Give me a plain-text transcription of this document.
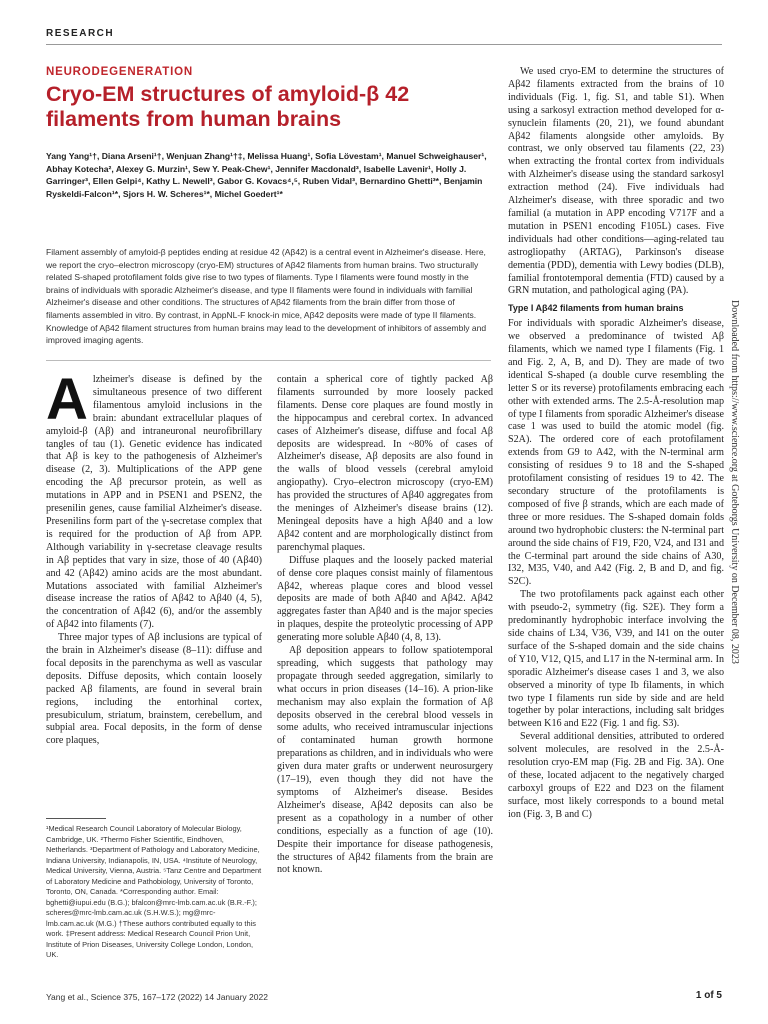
RESEARCH
NEURODEGENERATION
Cryo-EM structures of amyloid-β 42 filaments from human brains
Yang Yang¹†, Diana Arseni¹†, Wenjuan Zhang¹†‡, Melissa Huang¹, Sofia Lövestam¹, Manuel Schweighauser¹, Abhay Kotecha², Alexey G. Murzin¹, Sew Y. Peak-Chew¹, Jennifer Macdonald³, Isabelle Lavenir¹, Holly J. Garringer³, Ellen Gelpi⁴, Kathy L. Newell³, Gabor G. Kovacs⁴,⁵, Ruben Vidal³, Bernardino Ghetti³*, Benjamin Ryskeldi-Falcon¹*, Sjors H. W. Scheres¹*, Michel Goedert¹*
Filament assembly of amyloid-β peptides ending at residue 42 (Aβ42) is a central event in Alzheimer's disease. Here, we report the cryo–electron microscopy (cryo-EM) structures of Aβ42 filaments from human brains. Two structurally related S-shaped protofilament folds give rise to two types of filaments. Type I filaments were found mostly in the brains of individuals with sporadic Alzheimer's disease, and type II filaments were found in individuals with familial Alzheimer's disease and other conditions. The structures of Aβ42 filaments from the brain differ from those of filaments assembled in vitro. By contrast, in AppNL-F knock-in mice, Aβ42 deposits were made of type II filaments. Knowledge of Aβ42 filament structures from human brains may lead to the development of inhibitors of assembly and improved imaging agents.

Alzheimer's disease is defined by the simultaneous presence of two different filamentous amyloid inclusions in the brain: abundant extracellular plaques of amyloid-β (Aβ) and intraneuronal neurofibrillary tangles of tau (1). Genetic evidence has indicated that Aβ is key to the pathogenesis of Alzheimer's disease (2, 3). Multiplications of the APP gene encoding the Aβ precursor protein, as well as mutations in APP and in PSEN1 and PSEN2, the presenilin genes, cause familial Alzheimer's disease. Presenilins form part of the γ-secretase complex that is required for the production of Aβ from APP. Although variability in γ-secretase cleavage results in Aβ peptides that vary in size, those of 40 (Aβ40) and 42 (Aβ42) amino acids are the most abundant. Mutations associated with familial Alzheimer's disease increase the ratios of Aβ42 to Aβ40 (4, 5), the concentration of Aβ42 (6), and/or the assembly of Aβ42 into filaments (7).

Three major types of Aβ inclusions are typical of the brain in Alzheimer's disease (8–11): diffuse and focal deposits in the parenchyma as well as vascular deposits. Diffuse deposits, which contain loosely packed Aβ filaments, are found in several brain regions, including the entorhinal cortex, presubiculum, striatum, brainstem, cerebellum, and subpial area. Focal deposits, in the form of dense core plaques,

¹Medical Research Council Laboratory of Molecular Biology, Cambridge, UK. ²Thermo Fisher Scientific, Eindhoven, Netherlands. ³Department of Pathology and Laboratory Medicine, Indiana University, Indianapolis, IN, USA. ⁴Institute of Neurology, Medical University, Vienna, Austria. ⁵Tanz Centre and Department of Laboratory Medicine and Pathobiology, University of Toronto, Toronto, ON, Canada. *Corresponding author. Email: bghetti@iupui.edu (B.G.); bfalcon@mrc-lmb.cam.ac.uk (B.R.-F.); scheres@mrc-lmb.cam.ac.uk (S.H.W.S.); mg@mrc-lmb.cam.ac.uk (M.G.) †These authors contributed equally to this work. ‡Present address: Medical Research Council Prion Unit, Institute of Prion Diseases, University College London, London, UK.

contain a spherical core of tightly packed Aβ filaments surrounded by more loosely packed filaments. Dense core plaques are found mostly in the hippocampus and cerebral cortex. In advanced cases of Alzheimer's disease, diffuse and focal Aβ deposits are widespread. In ~80% of cases of Alzheimer's disease, Aβ deposits are also found in the walls of blood vessels (cerebral amyloid angiopathy). Cryo–electron microscopy (cryo-EM) has provided the structures of Aβ40 aggregates from the meninges of Alzheimer's disease brains (12). Meningeal deposits have a high Aβ40 and a low Aβ42 content and are morphologically distinct from parenchymal plaques.

Diffuse plaques and the loosely packed material of dense core plaques consist mainly of filamentous Aβ42, whereas plaque cores and blood vessel deposits are made of both Aβ40 and Aβ42. Aβ42 aggregates faster than Aβ40 and is the major species in plaques, despite the proteolytic processing of APP generating more soluble Aβ40 (4, 8, 13).

Aβ deposition appears to follow spatiotemporal spreading, which suggests that pathology may propagate through seeded aggregation, similarly to what occurs in prion diseases (14–16). A prion-like mechanism may also explain the formation of Aβ deposits observed in the cerebral blood vessels in some adults, who received intramuscular injections of contaminated human growth hormone preparations as children, and in individuals who were given dura mater grafts or underwent neurosurgery (17–19), even though they did not have the symptoms of Alzheimer's disease. Besides Alzheimer's disease, Aβ42 deposits can also be present as a copathology in a number of other conditions, especially as a function of age (10). Despite their importance for disease pathogenesis, the structures of Aβ42 filaments from the brain are not known.

We used cryo-EM to determine the structures of Aβ42 filaments extracted from the brains of 10 individuals (Fig. 1, fig. S1, and table S1). When using a sarkosyl extraction method developed for α-synuclein filaments (20, 21), we found abundant Aβ42 filaments alongside other amyloids. By contrast, we only observed tau filaments (22, 23) when extracting the frontal cortex from individuals with Alzheimer's disease using the standard sarkosyl extraction method (24). Five individuals had Alzheimer's disease, with three sporadic and two familial (a mutation in APP encoding V717F and a mutation in PSEN1 encoding F105L) cases. Five individuals had other conditions—aging-related tau astrogliopathy (ARTAG), Parkinson's disease dementia (PDD), dementia with Lewy bodies (DLB), familial frontotemporal dementia (FTD) caused by a GRN mutation, and pathological aging (PA).

Type I Aβ42 filaments from human brains

For individuals with sporadic Alzheimer's disease, we observed a predominance of twisted Aβ filaments, which we named type I filaments (Fig. 1 and Fig. 2, A, B, and D). They are made of two identical S-shaped (a double curve resembling the letter S or its reverse) protofilaments embracing each other with extended arms. The 2.5-Å-resolution map of type I filaments from sporadic Alzheimer's disease case 1 was used to build the atomic model (fig. S2A). The ordered core of each protofilament extends from G9 to A42, with the N-terminal arm consisting of residues 9 to 18 and the S-shaped protofilament consisting of residues 19 to 42. The secondary structure of the protofilaments is composed of five β strands, which are each made of three or more residues. The S-shaped domain folds around two hydrophobic clusters: the N-terminal part around the side chains of F19, F20, V24, and I31 and the C-terminal part around the side chains of A30, I32, M35, V40, and A42 (Fig. 2, B and D, and fig. S2C).

The two protofilaments pack against each other with pseudo-2₁ symmetry (fig. S2E). They form a predominantly hydrophobic interface involving the side chains of L34, V36, V39, and I41 on the outer surface of the S-shaped domain and the side chains of Y10, V12, Q15, and L17 in the N-terminal arm. In sporadic Alzheimer's disease cases 1 and 3, we also observed a minority of type Ib filaments, in which two type I filaments run side by side and are held together by polar interactions, including salt bridges between K16 and E22 (Fig. 1 and fig. S3).

Several additional densities, attributed to ordered solvent molecules, are resolved in the 2.5-Å-resolution cryo-EM map (Fig. 2B and Fig. 3A). One of these, located adjacent to the negatively charged carboxyl groups of E22 and D23 on the filament surface, most likely corresponds to a bound metal ion (Fig. 3, B and C)

Downloaded from https://www.science.org at Goteborgs University on December 08, 2023
Yang et al., Science 375, 167–172 (2022) 14 January 2022	1 of 5
